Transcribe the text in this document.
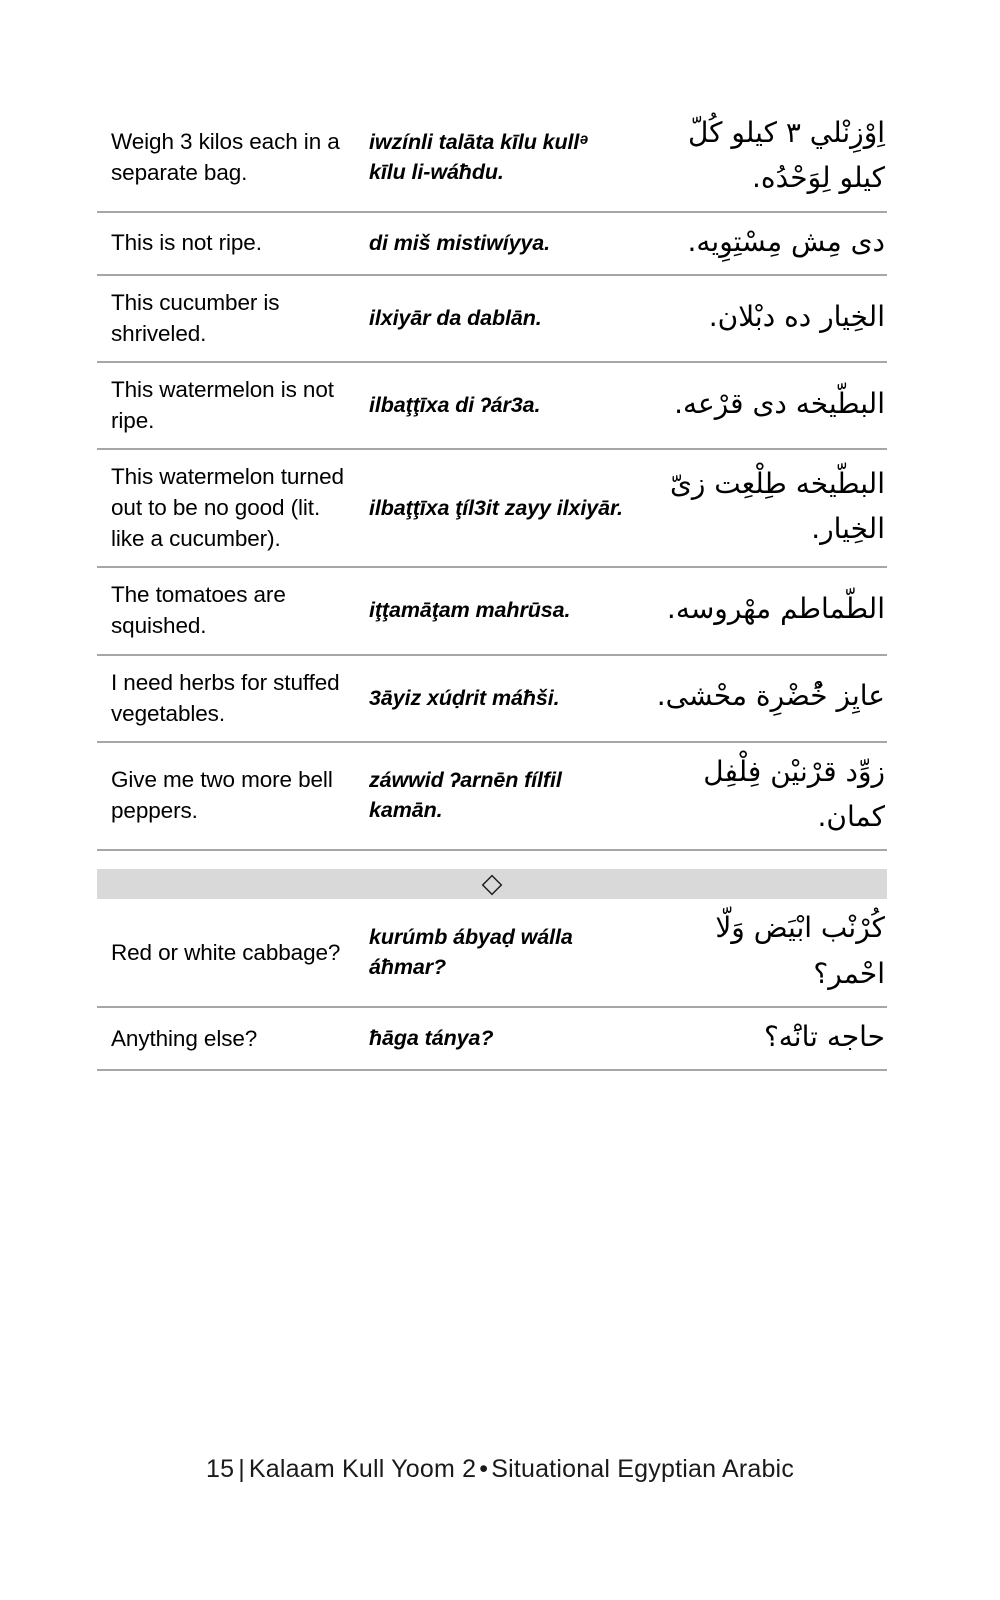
Weigh 3 kilos each in a separate bag.	iwzínli talāta kīlu kullᵊ kīlu li-wáħdu.	اِوْزِنْلي ٣ كيلو كُلّ كيلو لِوَحْدُه.
This is not ripe.	di miš mistiwíyya.	دى مِش مِسْتِوِيه.
This cucumber is shriveled.	ilxiyār da dablān.	الخِيار ده دبْلان.
This watermelon is not ripe.	ilbaţţīxa di ʔár3a.	البطّيخه دى قرْعه.
This watermelon turned out to be no good (lit. like a cucumber).	ilbaţţīxa ţíl3it zayy ilxiyār.	البطّيخه طِلْعِت زىّ الخِيار.
The tomatoes are squished.	iţţamāţam mahrūsa.	الطّماطم مهْروسه.
I need herbs for stuffed vegetables.	3āyiz xúḍrit máħši.	عايِز خُْضْرِة محْشى.
Give me two more bell peppers.	záwwid ʔarnēn fílfil kamān.	زوِّد قرْنيْن فِلْفِل كمان.

◇		

Red or white cabbage?	kurúmb ábyaḍ wálla áħmar?	كُرْنْب ابْيَض وَلّا احْمر؟
Anything else?	ħāga tánya?	حاجه تانَْه؟
15 | Kalaam Kull Yoom 2 • Situational Egyptian Arabic
